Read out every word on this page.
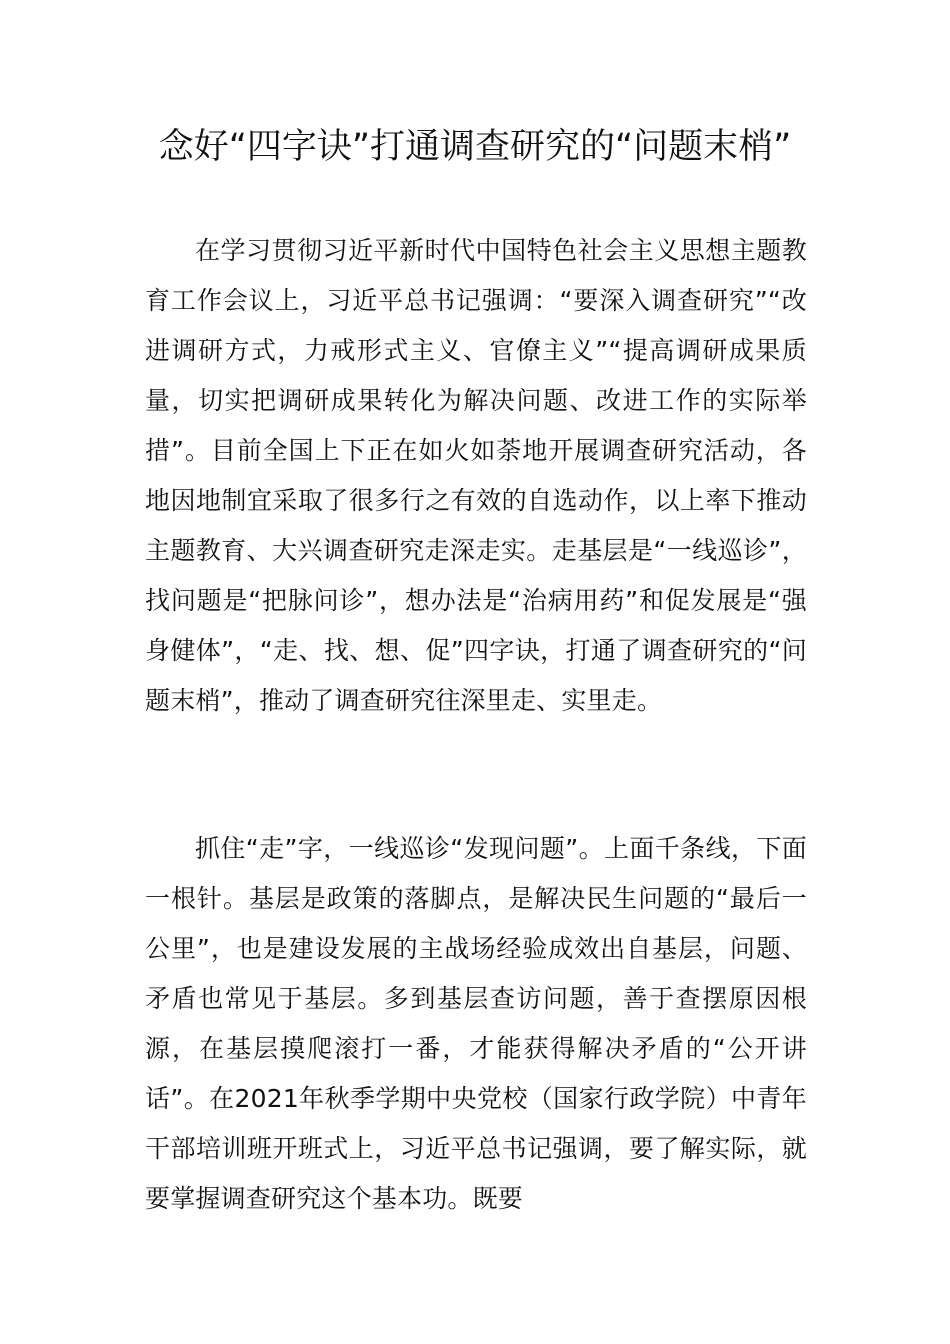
念好“四字诀”打通调查研究的“问题末梢”

在学习贯彻习近平新时代中国特色社会主义思想主题教育工作会议上，习近平总书记强调：“要深入调查研究”“改进调研方式，力戒形式主义、官僚主义”“提高调研成果质量，切实把调研成果转化为解决问题、改进工作的实际举措”。目前全国上下正在如火如荼地开展调查研究活动，各地因地制宜采取了很多行之有效的自选动作，以上率下推动主题教育、大兴调查研究走深走实。走基层是“一线巡诊”，找问题是“把脉问诊”，想办法是“治病用药”和促发展是“强身健体”，“走、找、想、促”四字诀，打通了调查研究的“问题末梢”，推动了调查研究往深里走、实里走。

抓住“走”字，一线巡诊“发现问题”。上面千条线，下面一根针。基层是政策的落脚点，是解决民生问题的“最后一公里”，也是建设发展的主战场经验成效出自基层，问题、矛盾也常见于基层。多到基层查访问题，善于查摆原因根源，在基层摸爬滚打一番，才能获得解决矛盾的“公开讲话”。在2021年秋季学期中央党校（国家行政学院）中青年干部培训班开班式上，习近平总书记强调，要了解实际，就要掌握调查研究这个基本功。既要
